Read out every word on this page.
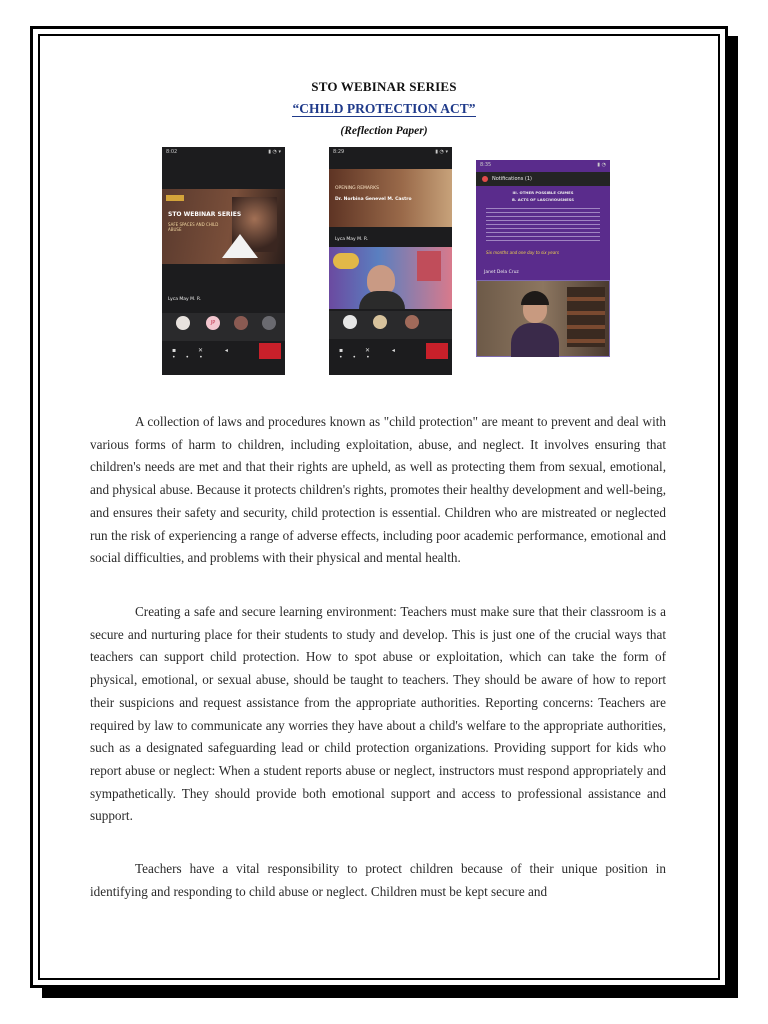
STO WEBINAR SERIES
“CHILD PROTECTION ACT”
(Reflection Paper)
8:02	▮ ◔ ▾
STO WEBINAR SERIES
SAFE SPACES AND CHILD ABUSE
Lyca May M. R.
JP
▪ ✕ ◂ •••
8:29	▮ ◔ ▾
OPENING REMARKS
Dr. Norbina Genevel M. Castro
Lyca May M. R.
▪ ✕ ◂ •••
8:35	▮ ◔
Notifications (1)
III. OTHER POSSIBLE CRIMES
B. ACTS OF LASCIVIOUSNESS
Six months and one day to six years
Janet Dela Cruz

A collection of laws and procedures known as "child protection" are meant to prevent and deal with various forms of harm to children, including exploitation, abuse, and neglect. It involves ensuring that children's needs are met and that their rights are upheld, as well as protecting them from sexual, emotional, and physical abuse. Because it protects children's rights, promotes their healthy development and well-being, and ensures their safety and security, child protection is essential. Children who are mistreated or neglected run the risk of experiencing a range of adverse effects, including poor academic performance, emotional and social difficulties, and problems with their physical and mental health.

Creating a safe and secure learning environment: Teachers must make sure that their classroom is a secure and nurturing place for their students to study and develop. This is just one of the crucial ways that teachers can support child protection. How to spot abuse or exploitation, which can take the form of physical, emotional, or sexual abuse, should be taught to teachers. They should be aware of how to report their suspicions and request assistance from the appropriate authorities. Reporting concerns: Teachers are required by law to communicate any worries they have about a child's welfare to the appropriate authorities, such as a designated safeguarding lead or child protection organizations. Providing support for kids who report abuse or neglect: When a student reports abuse or neglect, instructors must respond appropriately and sympathetically. They should provide both emotional support and access to professional assistance and support.

Teachers have a vital responsibility to protect children because of their unique position in identifying and responding to child abuse or neglect. Children must be kept secure and
